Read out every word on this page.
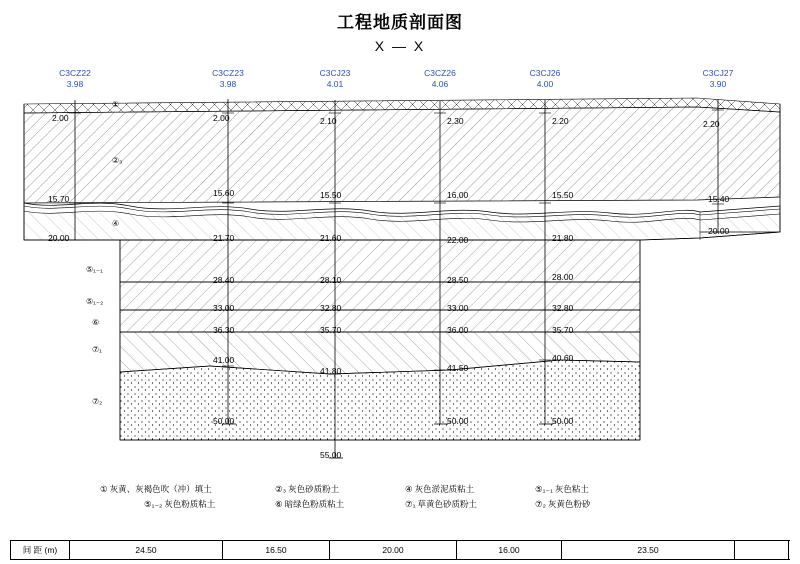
工程地质剖面图
X — X
C3CZ22
3.98
C3CZ23
3.98
C3CJ23
4.01
C3CZ26
4.06
C3CJ26
4.00
C3CJ27
3.90
2.00
15.70
20.00
2.00
15.60
21.70
28.40
33.00
36.30
41.00
50.00
2.10
15.50
21.60
28.10
32.80
35.70
41.80
55.00
2.30
16.00
22.00
28.50
33.00
36.00
41.50
50.00
2.20
15.50
21.80
28.00
32.80
35.70
40.60
50.00
2.20
15.40
20.00
①
②₃
④
⑤₁₋₁
⑤₁₋₂
⑥
⑦₁
⑦₂
① 灰黄、灰褐色吹（冲）填土	②₃ 灰色砂质粉土	④ 灰色淤泥质粘土	⑤₁₋₁ 灰色粘土
⑤₁₋₂ 灰色粉质粘土	⑥ 暗绿色粉质粘土	⑦₁ 草黄色砂质粉土	⑦₂ 灰黄色粉砂
间 距 (m)	24.50	16.50	20.00	16.00	23.50
